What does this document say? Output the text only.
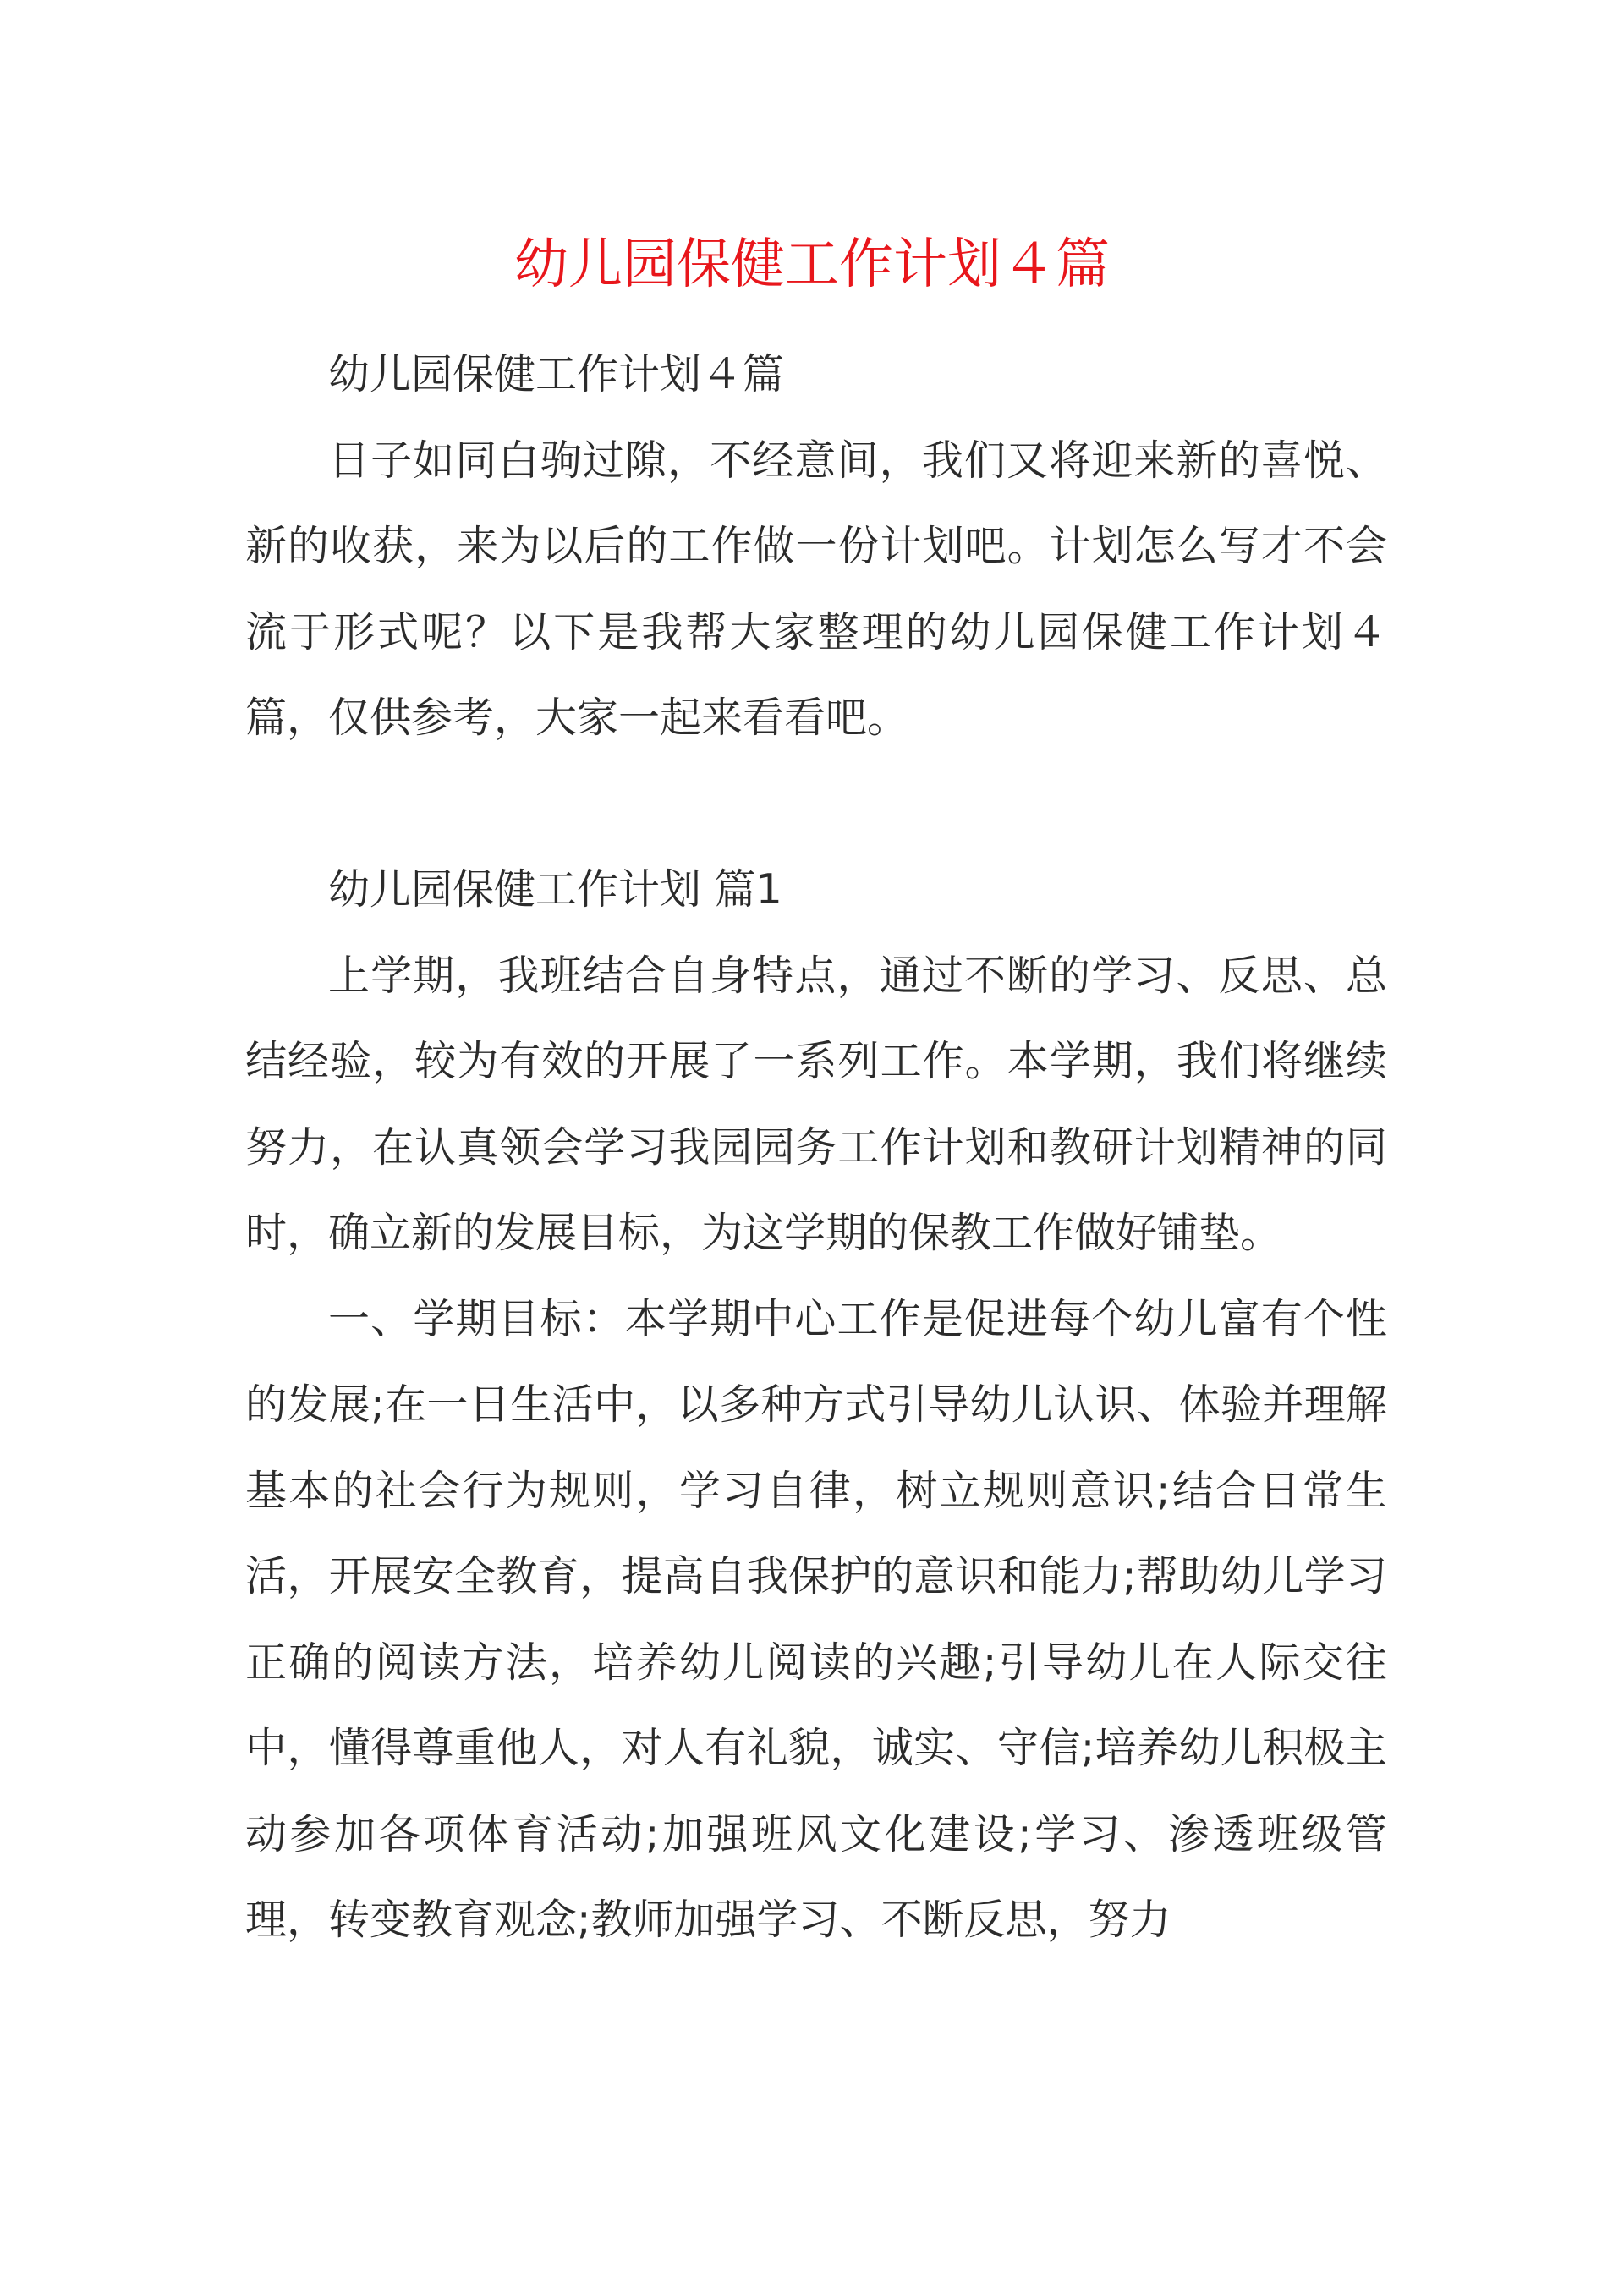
幼儿园保健工作计划４篇

幼儿园保健工作计划４篇

日子如同白驹过隙，不经意间，我们又将迎来新的喜悦、新的收获，来为以后的工作做一份计划吧。计划怎么写才不会流于形式呢？以下是我帮大家整理的幼儿园保健工作计划４篇，仅供参考，大家一起来看看吧。

幼儿园保健工作计划 篇1

上学期，我班结合自身特点，通过不断的学习、反思、总结经验，较为有效的开展了一系列工作。本学期，我们将继续努力，在认真领会学习我园园务工作计划和教研计划精神的同时，确立新的发展目标，为这学期的保教工作做好铺垫。

一、学期目标：本学期中心工作是促进每个幼儿富有个性的发展;在一日生活中，以多种方式引导幼儿认识、体验并理解基本的社会行为规则，学习自律，树立规则意识;结合日常生活，开展安全教育，提高自我保护的意识和能力;帮助幼儿学习正确的阅读方法，培养幼儿阅读的兴趣;引导幼儿在人际交往中，懂得尊重他人，对人有礼貌，诚实、守信;培养幼儿积极主动参加各项体育活动;加强班风文化建设;学习、渗透班级管理，转变教育观念;教师加强学习、不断反思，努力
